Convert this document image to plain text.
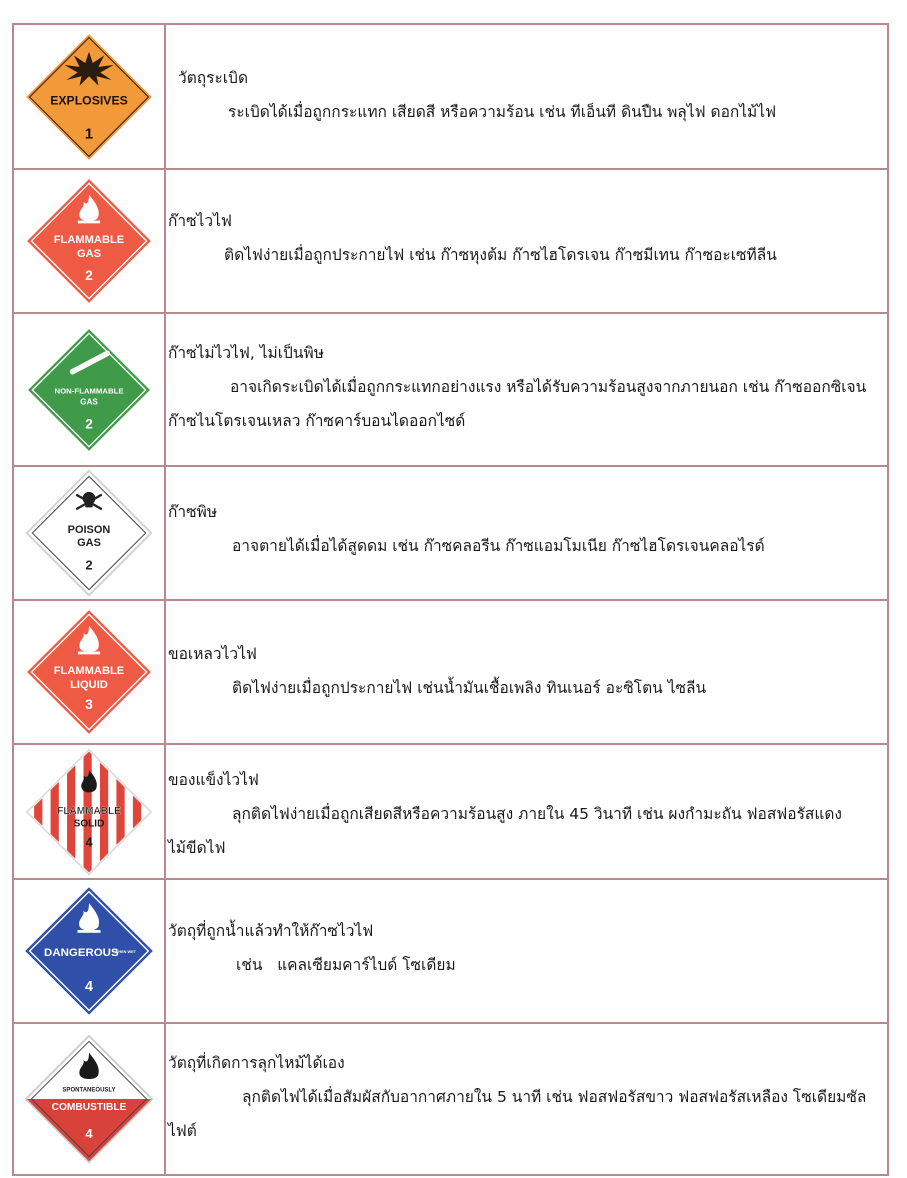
EXPLOSIVES
1	วัตถุระเบิด
ระเบิดได้เมื่อถูกกระแทก เสียดสี หรือความร้อน เช่น ทีเอ็นที ดินปืน พลุไฟ ดอกไม้ไฟ

FLAMMABLE
GAS
2	ก๊าซไวไฟ
ติดไฟง่ายเมื่อถูกประกายไฟ เช่น ก๊าซหุงต้ม ก๊าซไฮโดรเจน ก๊าซมีเทน ก๊าซอะเซทีลีน

NON-FLAMMABLE
GAS
2	ก๊าซไม่ไวไฟ, ไม่เป็นพิษ
อาจเกิดระเบิดได้เมื่อถูกกระแทกอย่างแรง หรือได้รับความร้อนสูงจากภายนอก เช่น ก๊าซออกซิเจน ก๊าซไนโตรเจนเหลว ก๊าซคาร์บอนไดออกไซด์

POISON
GAS
2	ก๊าซพิษ
อาจตายได้เมื่อได้สูดดม เช่น ก๊าซคลอรีน ก๊าซแอมโมเนีย ก๊าซไฮโดรเจนคลอไรด์

FLAMMABLE
LIQUID
3	ขอเหลวไวไฟ
ติดไฟง่ายเมื่อถูกประกายไฟ เช่นน้ำมันเชื้อเพลิง ทินเนอร์ อะซิโตน ไซลีน

FLAMMABLE
SOLID
4	ของแข็งไวไฟ
ลุกติดไฟง่ายเมื่อถูกเสียดสีหรือความร้อนสูง ภายใน 45 วินาที เช่น ผงกำมะถัน ฟอสฟอรัสแดงไม้ขีดไฟ

DANGEROUS
WHEN WET
4	วัตถุที่ถูกน้ำแล้วทำให้ก๊าซไวไฟ
เช่น   แคลเซียมคาร์ไบด์ โซเดียม

SPONTANEOUSLY
COMBUSTIBLE
4	วัตถุที่เกิดการลุกไหม้ได้เอง
ลุกติดไฟได้เมื่อสัมผัสกับอากาศภายใน 5 นาที เช่น ฟอสฟอรัสขาว ฟอสฟอรัสเหลือง โซเดียมซัลไฟต์
